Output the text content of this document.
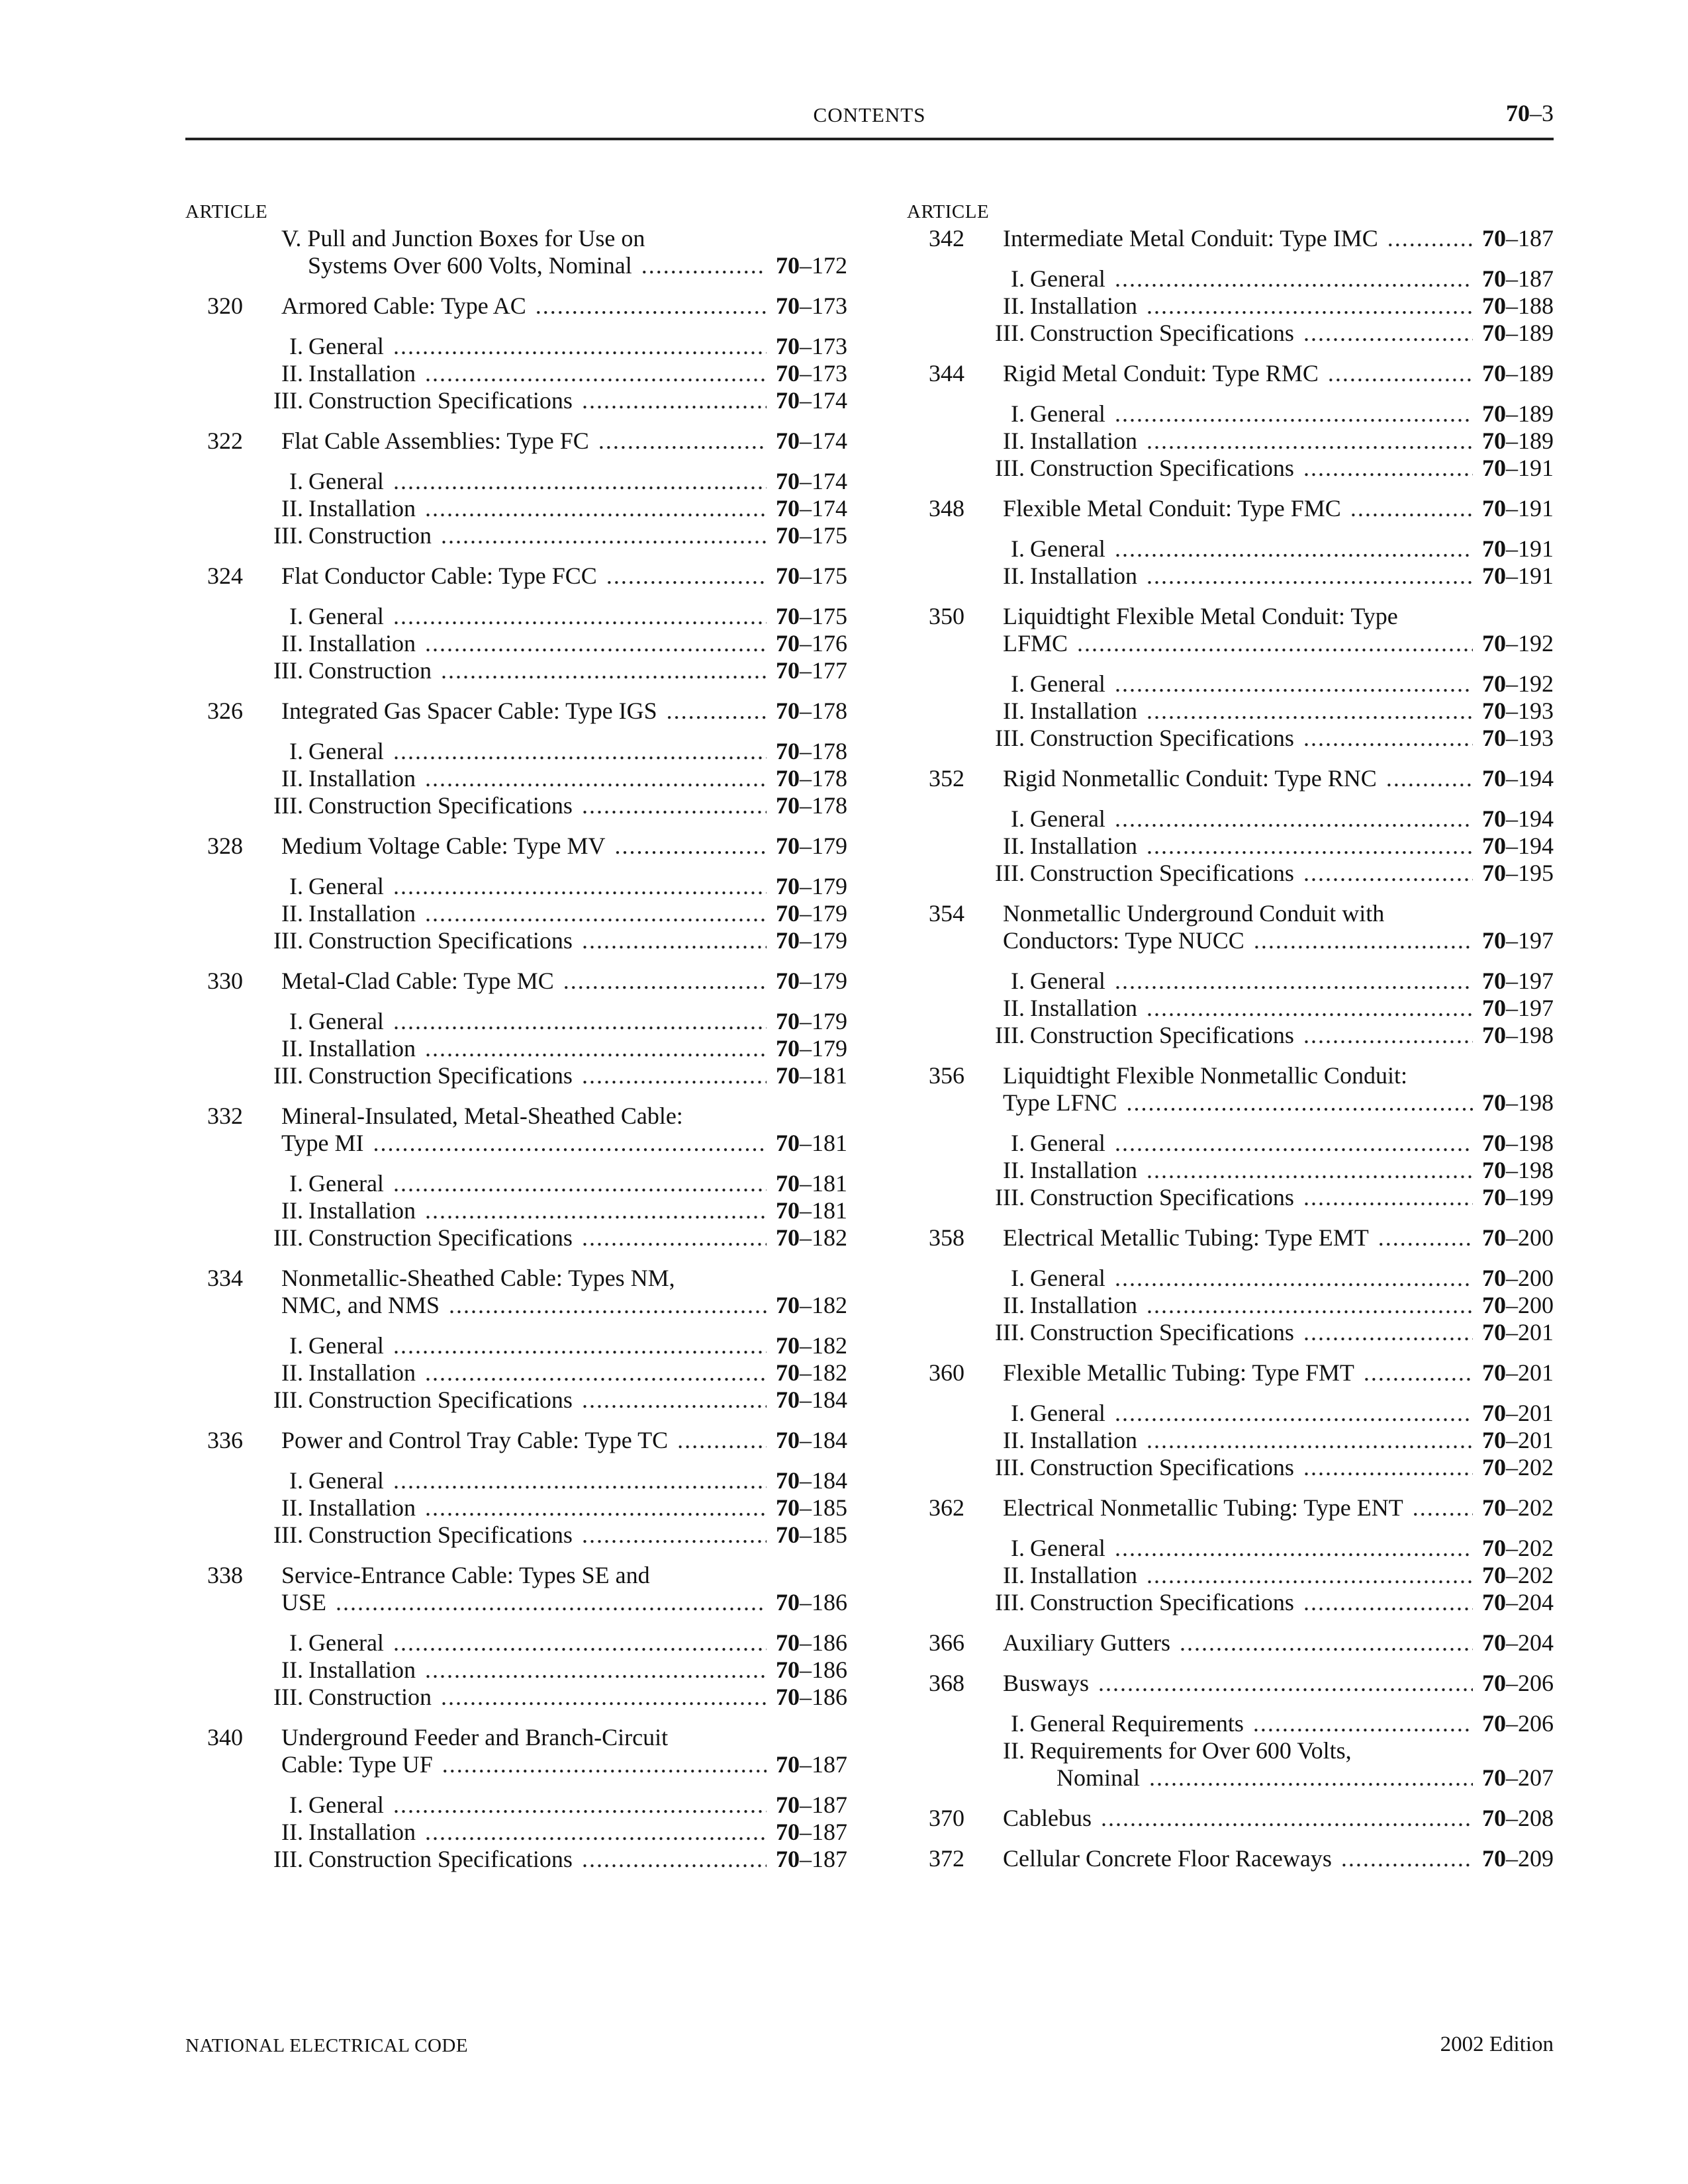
CONTENTS	70–3
ARTICLE
V. Pull and Junction Boxes for Use on
Systems Over 600 Volts, Nominal .....	70–172
320	Armored Cable: Type AC .....	70–173
I. General .....	70–173
II. Installation .....	70–173
III. Construction Specifications .....	70–174
322	Flat Cable Assemblies: Type FC .....	70–174
I. General .....	70–174
II. Installation .....	70–174
III. Construction .....	70–175
324	Flat Conductor Cable: Type FCC .....	70–175
I. General .....	70–175
II. Installation .....	70–176
III. Construction .....	70–177
326	Integrated Gas Spacer Cable: Type IGS .....	70–178
I. General .....	70–178
II. Installation .....	70–178
III. Construction Specifications .....	70–178
328	Medium Voltage Cable: Type MV .....	70–179
I. General .....	70–179
II. Installation .....	70–179
III. Construction Specifications .....	70–179
330	Metal-Clad Cable: Type MC .....	70–179
I. General .....	70–179
II. Installation .....	70–179
III. Construction Specifications .....	70–181
332	Mineral-Insulated, Metal-Sheathed Cable:
Type MI .....	70–181
I. General .....	70–181
II. Installation .....	70–181
III. Construction Specifications .....	70–182
334	Nonmetallic-Sheathed Cable: Types NM,
NMC, and NMS .....	70–182
I. General .....	70–182
II. Installation .....	70–182
III. Construction Specifications .....	70–184
336	Power and Control Tray Cable: Type TC .....	70–184
I. General .....	70–184
II. Installation .....	70–185
III. Construction Specifications .....	70–185
338	Service-Entrance Cable: Types SE and
USE .....	70–186
I. General .....	70–186
II. Installation .....	70–186
III. Construction .....	70–186
340	Underground Feeder and Branch-Circuit
Cable: Type UF .....	70–187
I. General .....	70–187
II. Installation .....	70–187
III. Construction Specifications .....	70–187
ARTICLE
342	Intermediate Metal Conduit: Type IMC .....	70–187
I. General .....	70–187
II. Installation .....	70–188
III. Construction Specifications .....	70–189
344	Rigid Metal Conduit: Type RMC .....	70–189
I. General .....	70–189
II. Installation .....	70–189
III. Construction Specifications .....	70–191
348	Flexible Metal Conduit: Type FMC .....	70–191
I. General .....	70–191
II. Installation .....	70–191
350	Liquidtight Flexible Metal Conduit: Type
LFMC .....	70–192
I. General .....	70–192
II. Installation .....	70–193
III. Construction Specifications .....	70–193
352	Rigid Nonmetallic Conduit: Type RNC .....	70–194
I. General .....	70–194
II. Installation .....	70–194
III. Construction Specifications .....	70–195
354	Nonmetallic Underground Conduit with
Conductors: Type NUCC .....	70–197
I. General .....	70–197
II. Installation .....	70–197
III. Construction Specifications .....	70–198
356	Liquidtight Flexible Nonmetallic Conduit:
Type LFNC .....	70–198
I. General .....	70–198
II. Installation .....	70–198
III. Construction Specifications .....	70–199
358	Electrical Metallic Tubing: Type EMT .....	70–200
I. General .....	70–200
II. Installation .....	70–200
III. Construction Specifications .....	70–201
360	Flexible Metallic Tubing: Type FMT .....	70–201
I. General .....	70–201
II. Installation .....	70–201
III. Construction Specifications .....	70–202
362	Electrical Nonmetallic Tubing: Type ENT .....	70–202
I. General .....	70–202
II. Installation .....	70–202
III. Construction Specifications .....	70–204
366	Auxiliary Gutters .....	70–204
368	Busways .....	70–206
I. General Requirements .....	70–206
II. Requirements for Over 600 Volts,
Nominal .....	70–207
370	Cablebus .....	70–208
372	Cellular Concrete Floor Raceways .....	70–209
NATIONAL ELECTRICAL CODE	2002 Edition
